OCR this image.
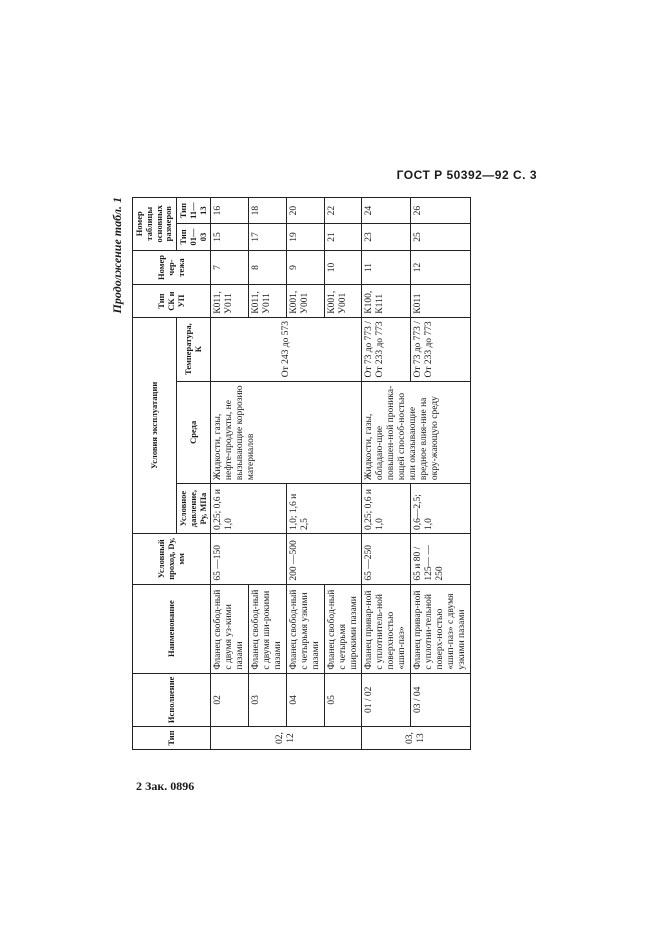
ГОСТ Р 50392—92 С. 3
Продолжение табл. 1
Тип	Исполнение	Наименование	Условный проход, Dу, мм	Условия эксплуатации			Тип СК и УП	Номер чер-тежа	Номер таблицы основных размеров	
				Условное давление, Pу, МПа	Среда	Температура, К			Тип 01—03	Тип 11—13
02, 12	02	Фланец свобод-ный с двумя уз-кими пазами	65 —150	0,25; 0,6 и 1,0	Жидкости, газы, нефте-продукты, не вызывающие коррозию материалов	От 243 до 573	К011, У011	7	15	16
	03	Фланец свобод-ный с двумя ши-рокими пазами					К011, У011	8	17	18
	04	Фланец свобод-ный с четырьмя узкими пазами	200 —500	1,0; 1,6 и 2,5			К001, У001	9	19	20
	05	Фланец свобод-ный с четырьмя широкими пазами					К001, У001	10	21	22
03, 13	01 / 02	Фланец привар-ной с уплотнитель-ной поверхностью «шип-паз»	65 —250	0,25; 0,6 и 1,0	Жидкости, газы, обладаю-щие повышен-ной проника-ющей способ-ностью или оказывающие вредное влия-ние на окру-жающую среду	От 73 до 773 / От 233 до 773	К100, К111	11	23	24
	03 / 04	Фланец привар-ной с уплотни-тельной поверх-ностью «шип-паз» с двумя узкими пазами	65 и 80 / 125— —250	0,6—2,5; 1,0		От 73 до 773 / От 233 до 773	К011	12	25	26
2 Зак. 0896
